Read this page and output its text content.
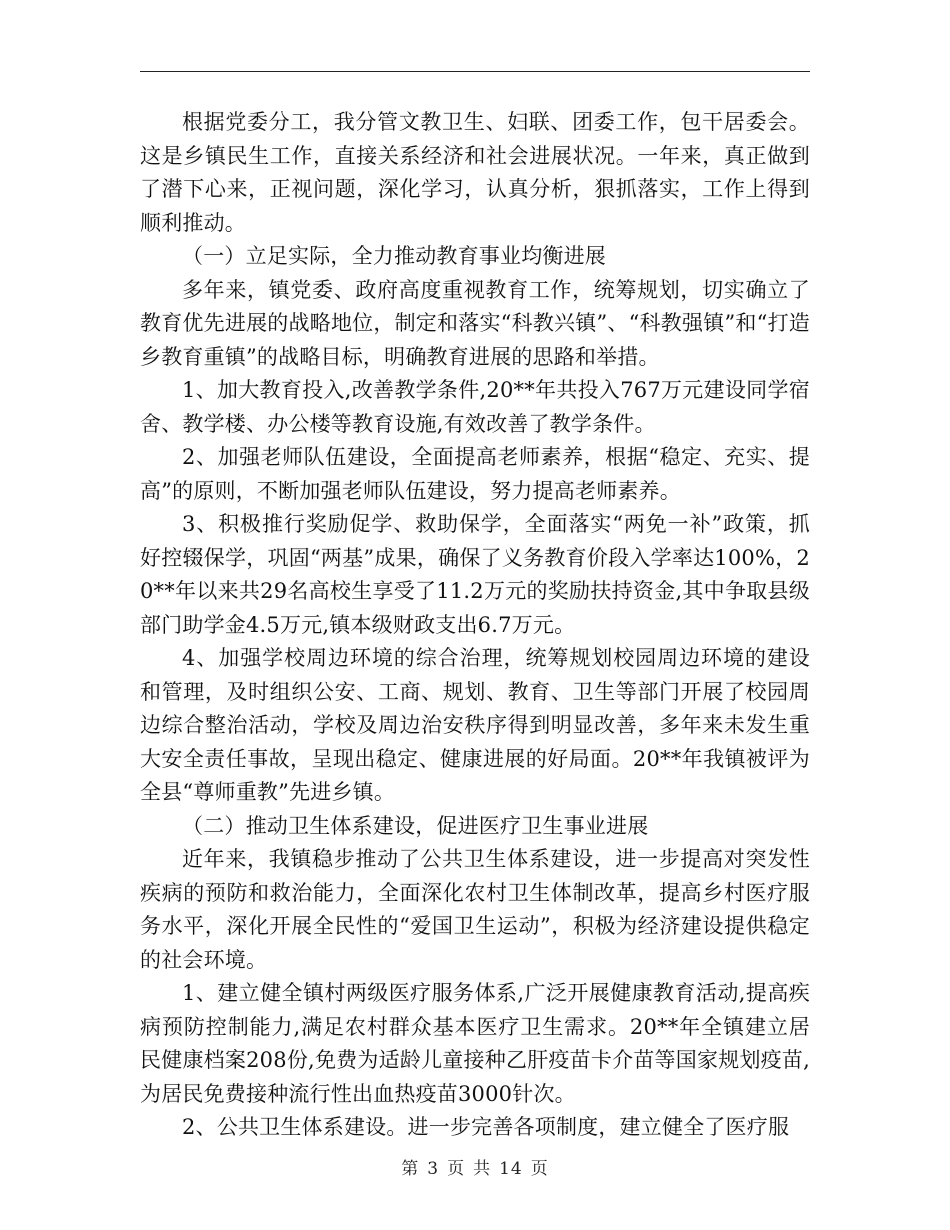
根据党委分工，我分管文教卫生、妇联、团委工作，包干居委会。这是乡镇民生工作，直接关系经济和社会进展状况。一年来，真正做到了潜下心来，正视问题，深化学习，认真分析，狠抓落实，工作上得到顺利推动。

（一）立足实际，全力推动教育事业均衡进展

多年来，镇党委、政府高度重视教育工作，统筹规划，切实确立了教育优先进展的战略地位，制定和落实“科教兴镇”、“科教强镇”和“打造乡教育重镇”的战略目标，明确教育进展的思路和举措。

1、加大教育投入,改善教学条件,20**年共投入767万元建设同学宿舍、教学楼、办公楼等教育设施,有效改善了教学条件。

2、加强老师队伍建设，全面提高老师素养，根据“稳定、充实、提高”的原则，不断加强老师队伍建设，努力提高老师素养。

3、积极推行奖励促学、救助保学，全面落实“两免一补”政策，抓好控辍保学，巩固“两基”成果，确保了义务教育价段入学率达100%，20**年以来共29名高校生享受了11.2万元的奖励扶持资金,其中争取县级部门助学金4.5万元,镇本级财政支出6.7万元。

4、加强学校周边环境的综合治理，统筹规划校园周边环境的建设和管理，及时组织公安、工商、规划、教育、卫生等部门开展了校园周边综合整治活动，学校及周边治安秩序得到明显改善，多年来未发生重大安全责任事故，呈现出稳定、健康进展的好局面。20**年我镇被评为全县“尊师重教”先进乡镇。

（二）推动卫生体系建设，促进医疗卫生事业进展

近年来，我镇稳步推动了公共卫生体系建设，进一步提高对突发性疾病的预防和救治能力，全面深化农村卫生体制改革，提高乡村医疗服务水平，深化开展全民性的“爱国卫生运动”，积极为经济建设提供稳定的社会环境。

1、建立健全镇村两级医疗服务体系,广泛开展健康教育活动,提高疾病预防控制能力,满足农村群众基本医疗卫生需求。20**年全镇建立居民健康档案208份,免费为适龄儿童接种乙肝疫苗卡介苗等国家规划疫苗,为居民免费接种流行性出血热疫苗3000针次。

2、公共卫生体系建设。进一步完善各项制度，建立健全了医疗服

第 3 页 共 14 页
